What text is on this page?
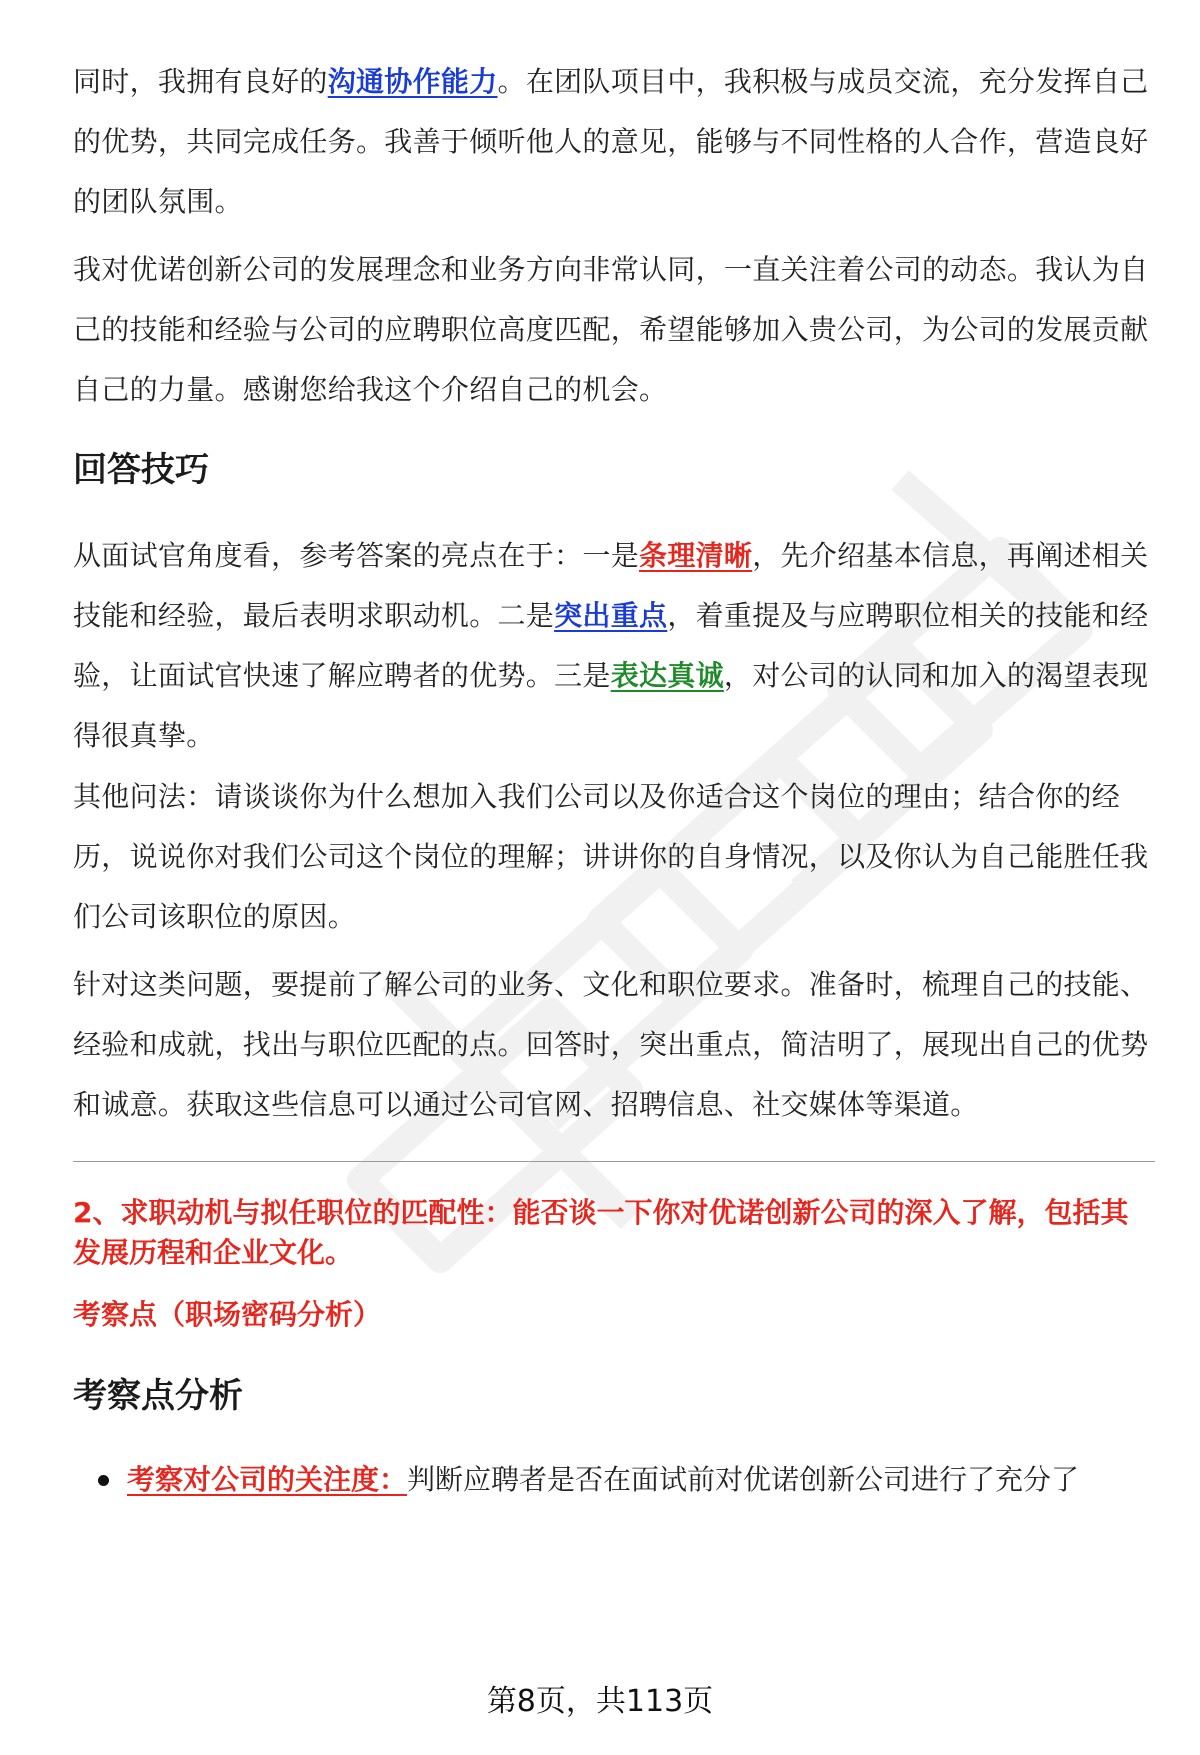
同时，我拥有良好的沟通协作能力。在团队项目中，我积极与成员交流，充分发挥自己的优势，共同完成任务。我善于倾听他人的意见，能够与不同性格的人合作，营造良好的团队氛围。

我对优诺创新公司的发展理念和业务方向非常认同，一直关注着公司的动态。我认为自己的技能和经验与公司的应聘职位高度匹配，希望能够加入贵公司，为公司的发展贡献自己的力量。感谢您给我这个介绍自己的机会。

回答技巧

从面试官角度看，参考答案的亮点在于：一是条理清晰，先介绍基本信息，再阐述相关技能和经验，最后表明求职动机。二是突出重点，着重提及与应聘职位相关的技能和经验，让面试官快速了解应聘者的优势。三是表达真诚，对公司的认同和加入的渴望表现得很真挚。

其他问法：请谈谈你为什么想加入我们公司以及你适合这个岗位的理由；结合你的经历，说说你对我们公司这个岗位的理解；讲讲你的自身情况，以及你认为自己能胜任我们公司该职位的原因。

针对这类问题，要提前了解公司的业务、文化和职位要求。准备时，梳理自己的技能、经验和成就，找出与职位匹配的点。回答时，突出重点，简洁明了，展现出自己的优势和诚意。获取这些信息可以通过公司官网、招聘信息、社交媒体等渠道。

2、求职动机与拟任职位的匹配性：能否谈一下你对优诺创新公司的深入了解，包括其发展历程和企业文化。

考察点（职场密码分析）

考察点分析
考察对公司的关注度：判断应聘者是否在面试前对优诺创新公司进行了充分了
第8页，共113页
